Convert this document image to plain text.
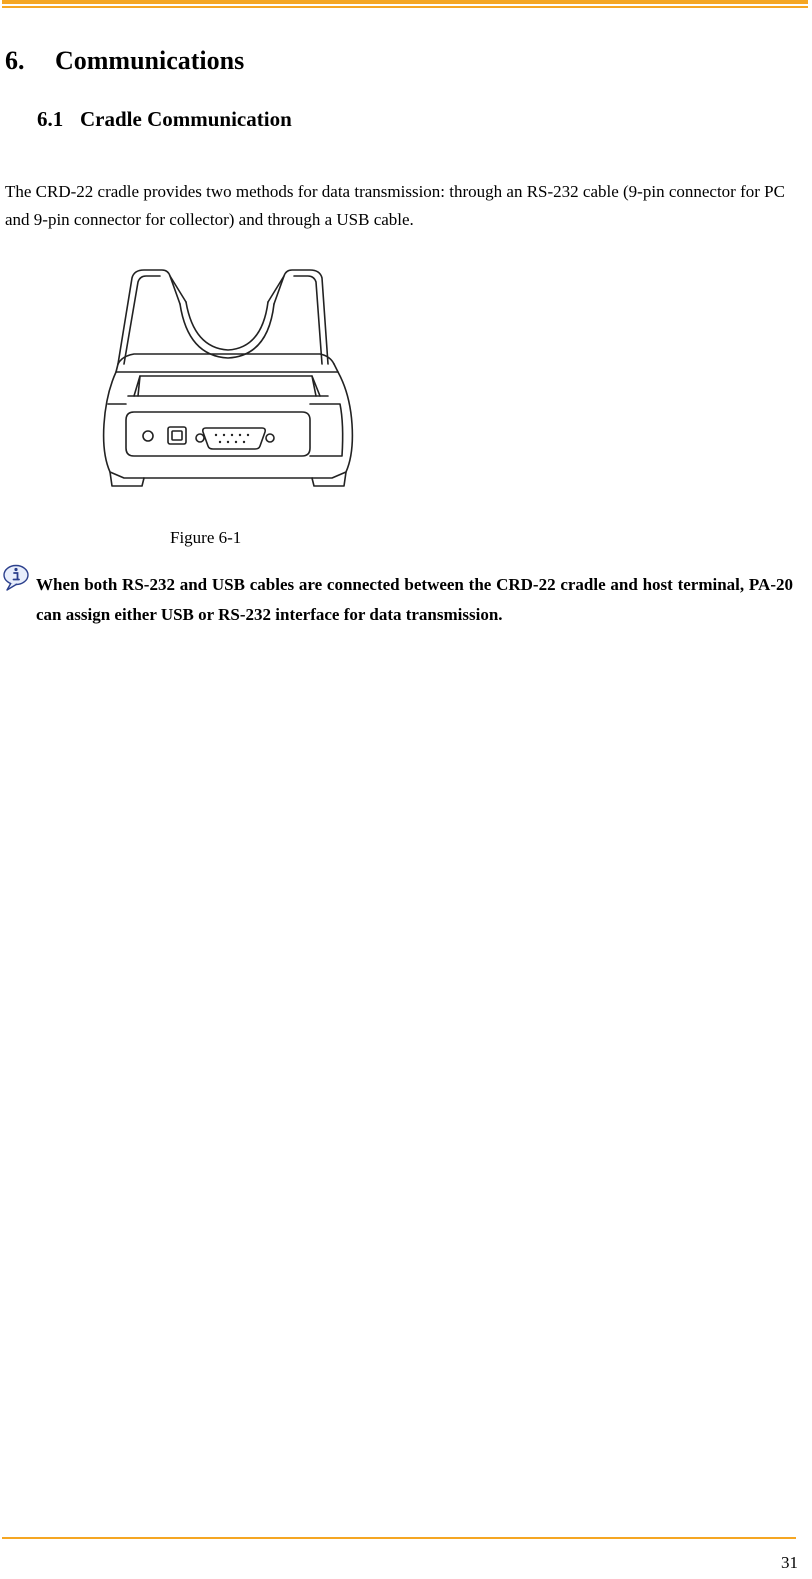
6. Communications
6.1 Cradle Communication

The CRD-22 cradle provides two methods for data transmission: through an RS-232 cable (9-pin connector for PC and 9-pin connector for collector) and through a USB cable.

Figure 6-1

When both RS-232 and USB cables are connected between the CRD-22 cradle and host terminal, PA-20 can assign either USB or RS-232 interface for data transmission.

31
